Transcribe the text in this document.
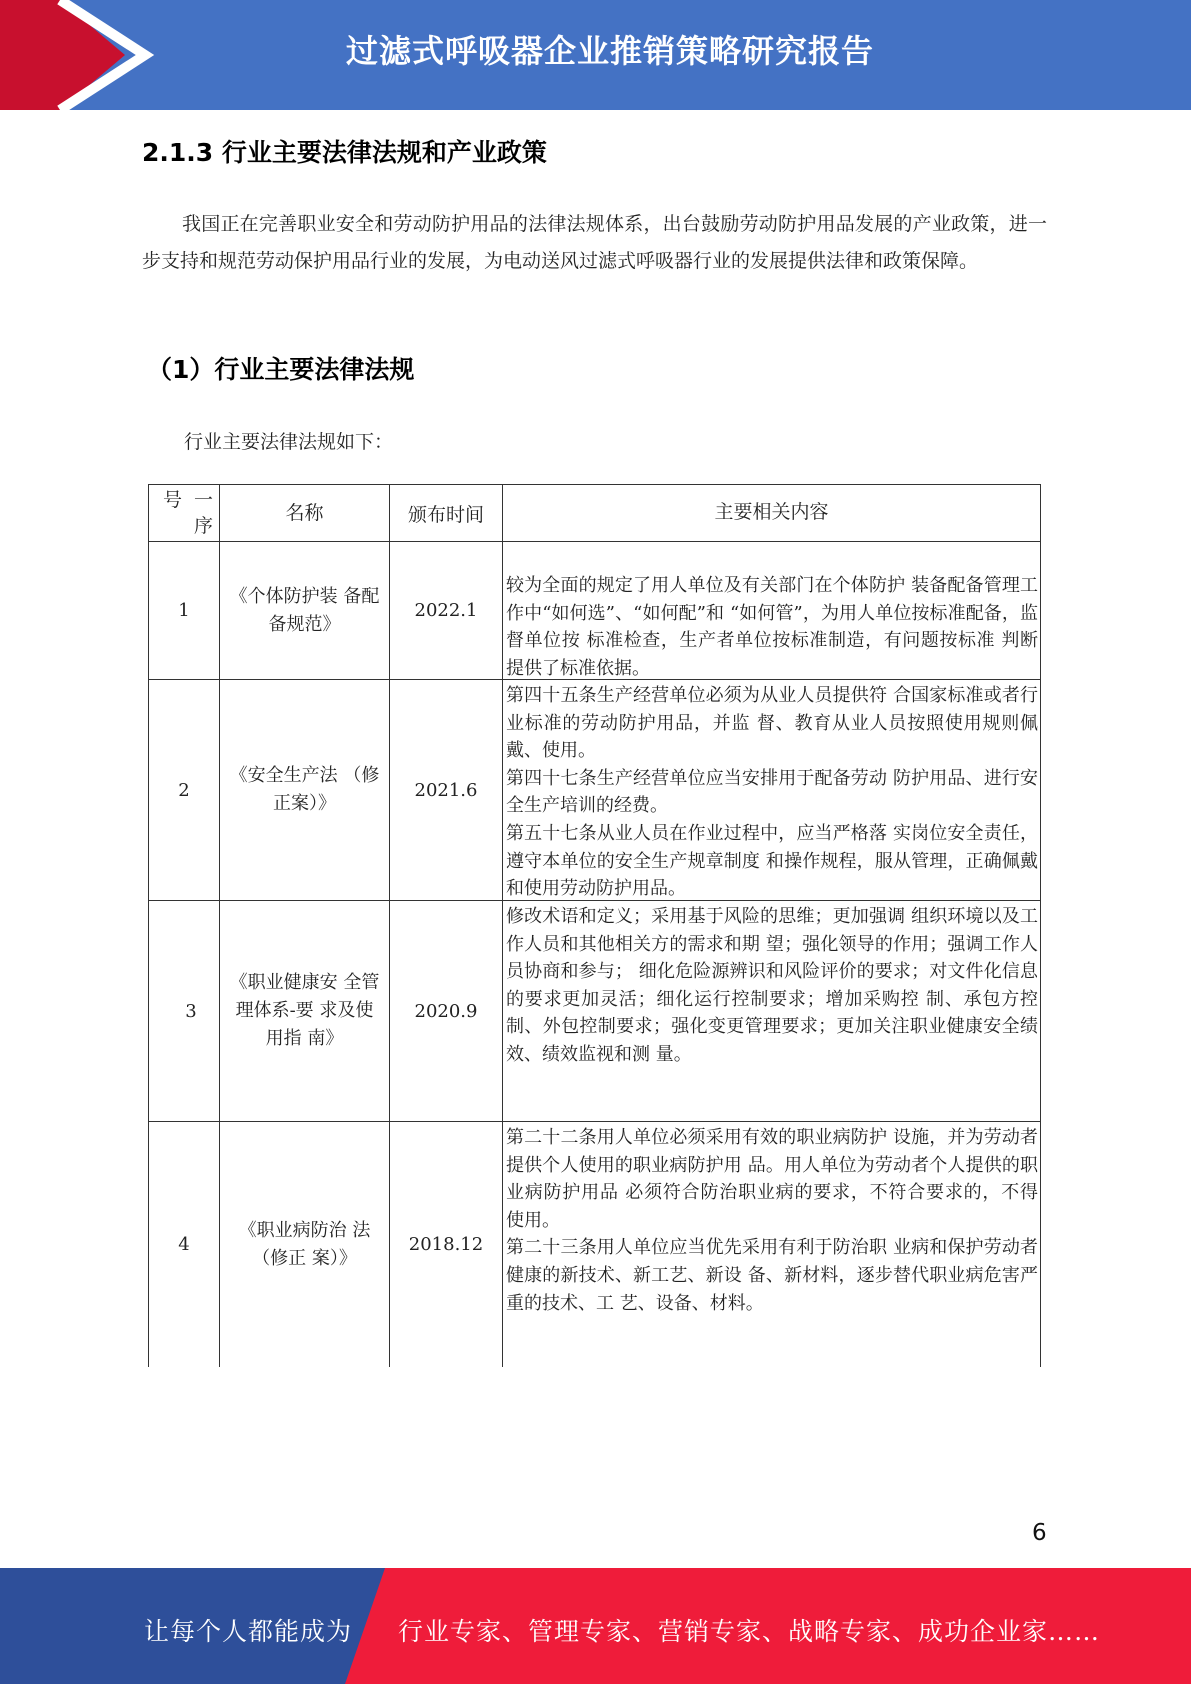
过滤式呼吸器企业推销策略研究报告
2.1.3 行业主要法律法规和产业政策
我国正在完善职业安全和劳动防护用品的法律法规体系，出台鼓励劳动防护用品发展的产业政策，进一步支持和规范劳动保护用品行业的发展，为电动送风过滤式呼吸器行业的发展提供法律和政策保障。
（1）行业主要法律法规
行业主要法律法规如下：
号 一
序
名称	颁布时间	主要相关内容
1
《个体防护装 备配备规范》
2022.1
较为全面的规定了用人单位及有关部门在个体防护 装备配备管理工作中“如何选”、“如何配”和 “如何管”，为用人单位按标准配备，监督单位按 标准检查，生产者单位按标准制造，有问题按标准 判断提供了标准依据。
2
《安全生产法 （修正案）》
2021.6
第四十五条生产经营单位必须为从业人员提供符 合国家标准或者行业标准的劳动防护用品，并监 督、教育从业人员按照使用规则佩戴、使用。
第四十七条生产经营单位应当安排用于配备劳动 防护用品、进行安全生产培训的经费。
第五十七条从业人员在作业过程中，应当严格落 实岗位安全责任，遵守本单位的安全生产规章制度 和操作规程，服从管理，正确佩戴和使用劳动防护用品。
3
《职业健康安 全管理体系-要 求及使用指 南》
2020.9
修改术语和定义；采用基于风险的思维；更加强调 组织环境以及工作人员和其他相关方的需求和期 望；强化领导的作用；强调工作人员协商和参与； 细化危险源辨识和风险评价的要求；对文件化信息 的要求更加灵活；细化运行控制要求；增加采购控 制、承包方控制、外包控制要求；强化变更管理要求；更加关注职业健康安全绩效、绩效监视和测 量。
4
《职业病防治 法（修正 案）》
2018.12
第二十二条用人单位必须采用有效的职业病防护 设施，并为劳动者提供个人使用的职业病防护用 品。用人单位为劳动者个人提供的职业病防护用品 必须符合防治职业病的要求，不符合要求的，不得 使用。
第二十三条用人单位应当优先采用有利于防治职 业病和保护劳动者健康的新技术、新工艺、新设 备、新材料，逐步替代职业病危害严重的技术、工 艺、设备、材料。
6
让每个人都能成为 行业专家、管理专家、营销专家、战略专家、成功企业家……
